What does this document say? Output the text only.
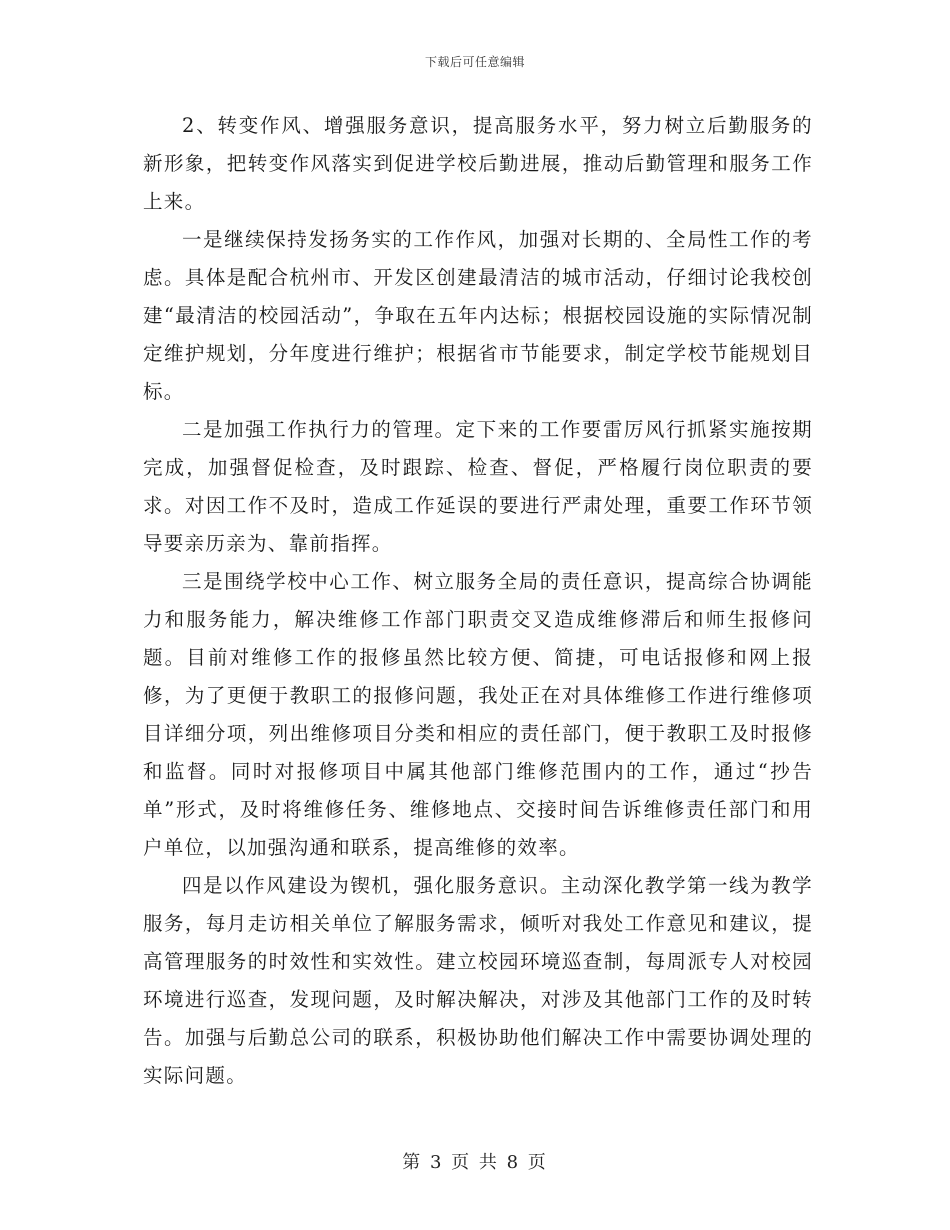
下载后可任意编辑

2、转变作风、增强服务意识，提高服务水平，努力树立后勤服务的新形象，把转变作风落实到促进学校后勤进展，推动后勤管理和服务工作上来。

一是继续保持发扬务实的工作作风，加强对长期的、全局性工作的考虑。具体是配合杭州市、开发区创建最清洁的城市活动，仔细讨论我校创建“最清洁的校园活动”，争取在五年内达标；根据校园设施的实际情况制定维护规划，分年度进行维护；根据省市节能要求，制定学校节能规划目标。

二是加强工作执行力的管理。定下来的工作要雷厉风行抓紧实施按期完成，加强督促检查，及时跟踪、检查、督促，严格履行岗位职责的要求。对因工作不及时，造成工作延误的要进行严肃处理，重要工作环节领导要亲历亲为、靠前指挥。

三是围绕学校中心工作、树立服务全局的责任意识，提高综合协调能力和服务能力，解决维修工作部门职责交叉造成维修滞后和师生报修问题。目前对维修工作的报修虽然比较方便、简捷，可电话报修和网上报修，为了更便于教职工的报修问题，我处正在对具体维修工作进行维修项目详细分项，列出维修项目分类和相应的责任部门，便于教职工及时报修和监督。同时对报修项目中属其他部门维修范围内的工作，通过“抄告单”形式，及时将维修任务、维修地点、交接时间告诉维修责任部门和用户单位，以加强沟通和联系，提高维修的效率。

四是以作风建设为锲机，强化服务意识。主动深化教学第一线为教学服务，每月走访相关单位了解服务需求，倾听对我处工作意见和建议，提高管理服务的时效性和实效性。建立校园环境巡查制，每周派专人对校园环境进行巡查，发现问题，及时解决解决，对涉及其他部门工作的及时转告。加强与后勤总公司的联系，积极协助他们解决工作中需要协调处理的实际问题。

第 3 页 共 8 页
